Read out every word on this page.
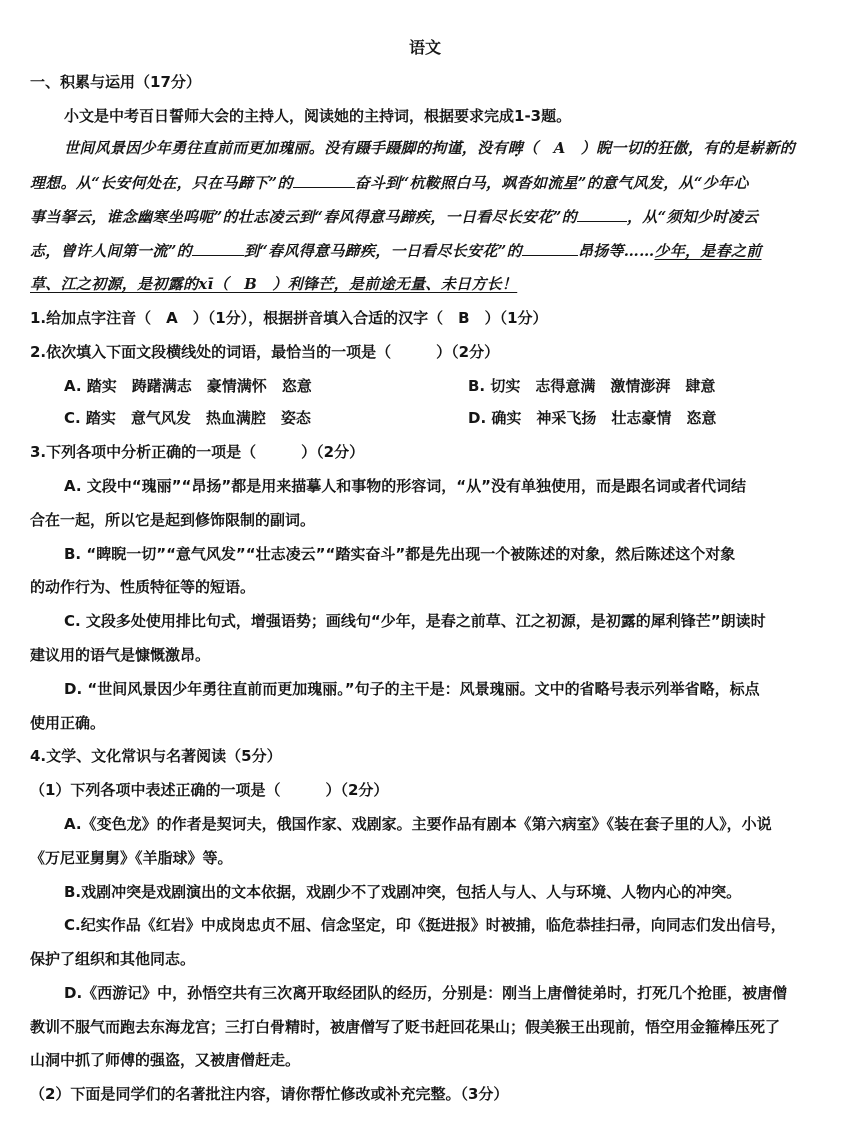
语文
一、积累与运用（17分）
小文是中考百日誓师大会的主持人，阅读她的主持词，根据要求完成1-3题。
世间风景因少年勇往直前而更加瑰丽。没有蹑手蹑脚的拘谨，没有睥（　A　）睨一切的狂傲，有的是崭新的
理想。从“长安何处在，只在马蹄下”的	奋斗到“杭鞍照白马，飒沓如流星”的意气风发，从“少年心
事当拏云，谁念幽寒坐呜呃”的壮志凌云到“春风得意马蹄疾，一日看尽长安花”的	，从“须知少时凌云
志，曾许人间第一流”的	到“春风得意马蹄疾，一日看尽长安花”的	昂扬等……少年，是春之前
草、江之初源，是初露的xī（　B　）利锋芒，是前途无量、未日方长！
1.给加点字注音（　A　）（1分），根据拼音填入合适的汉字（　B　）（1分）
2.依次填入下面文段横线处的词语，最恰当的一项是（　　　）（2分）
A. 踏实　踌躇满志　豪情满怀　恣意	B. 切实　志得意满　激情澎湃　肆意
C. 踏实　意气风发　热血满腔　姿态	D. 确实　神采飞扬　壮志豪情　恣意
3.下列各项中分析正确的一项是（　　　）（2分）
A. 文段中“瑰丽”“昂扬”都是用来描摹人和事物的形容词，“从”没有单独使用，而是跟名词或者代词结
合在一起，所以它是起到修饰限制的副词。
B. “睥睨一切”“意气风发”“壮志凌云”“踏实奋斗”都是先出现一个被陈述的对象，然后陈述这个对象
的动作行为、性质特征等的短语。
C. 文段多处使用排比句式，增强语势；画线句“少年，是春之前草、江之初源，是初露的犀利锋芒”朗读时
建议用的语气是慷慨激昂。
D. “世间风景因少年勇往直前而更加瑰丽。”句子的主干是：风景瑰丽。文中的省略号表示列举省略，标点
使用正确。
4.文学、文化常识与名著阅读（5分）
（1）下列各项中表述正确的一项是（　　　）（2分）
A.《变色龙》的作者是契诃夫，俄国作家、戏剧家。主要作品有剧本《第六病室》《装在套子里的人》，小说
《万尼亚舅舅》《羊脂球》等。
B.戏剧冲突是戏剧演出的文本依据，戏剧少不了戏剧冲突，包括人与人、人与环境、人物内心的冲突。
C.纪实作品《红岩》中成岗忠贞不屈、信念坚定，印《挺进报》时被捕，临危恭挂扫帚，向同志们发出信号，
保护了组织和其他同志。
D.《西游记》中，孙悟空共有三次离开取经团队的经历，分别是：刚当上唐僧徒弟时，打死几个抢匪，被唐僧
教训不服气而跑去东海龙宫；三打白骨精时，被唐僧写了贬书赶回花果山；假美猴王出现前，悟空用金箍棒压死了
山洞中抓了师傅的强盗，又被唐僧赶走。
（2）下面是同学们的名著批注内容，请你帮忙修改或补充完整。（3分）
